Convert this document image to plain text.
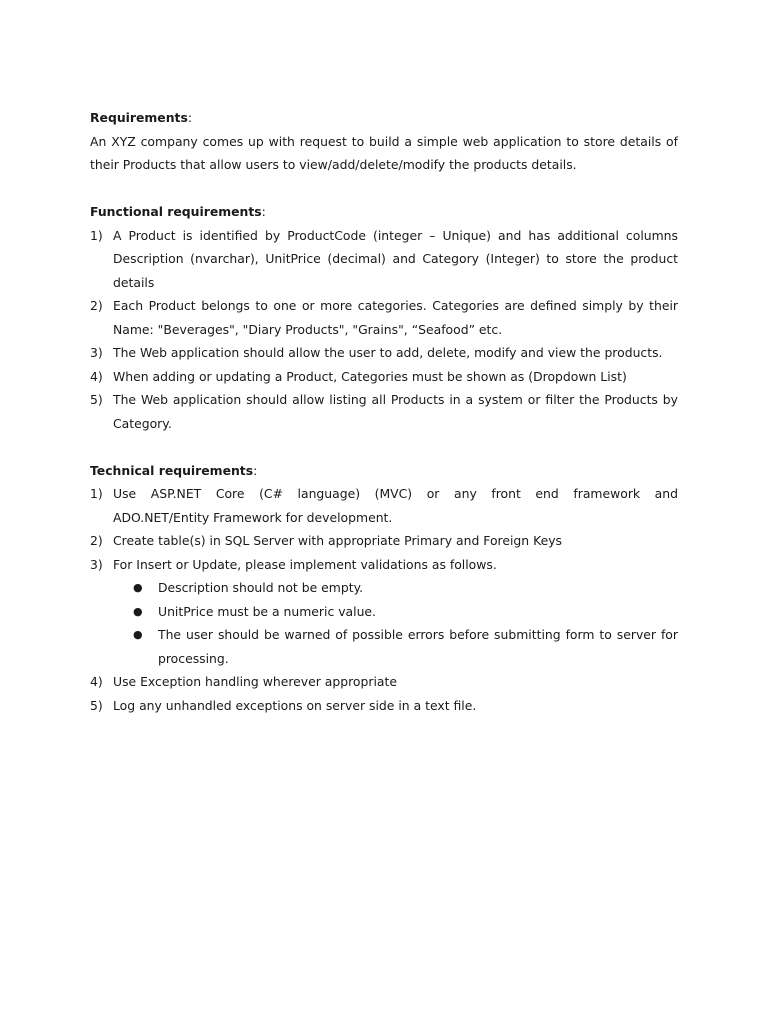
Requirements:
An XYZ company comes up with request to build a simple web application to store details of
their Products that allow users to view/add/delete/modify the products details.
Functional requirements:
1) A Product is identified by ProductCode (integer – Unique) and has additional columns
Description (nvarchar), UnitPrice (decimal) and Category (Integer) to store the product
details
2) Each Product belongs to one or more categories. Categories are defined simply by their
Name: "Beverages", "Diary Products", "Grains", “Seafood” etc.
3) The Web application should allow the user to add, delete, modify and view the products.
4) When adding or updating a Product, Categories must be shown as (Dropdown List)
5) The Web application should allow listing all Products in a system or filter the Products by
Category.
Technical requirements:
1) Use ASP.NET Core (C# language) (MVC) or any front end framework and
ADO.NET/Entity Framework for development.
2) Create table(s) in SQL Server with appropriate Primary and Foreign Keys
3) For Insert or Update, please implement validations as follows.
● Description should not be empty.
● UnitPrice must be a numeric value.
● The user should be warned of possible errors before submitting form to server for
processing.
4) Use Exception handling wherever appropriate
5) Log any unhandled exceptions on server side in a text file.
